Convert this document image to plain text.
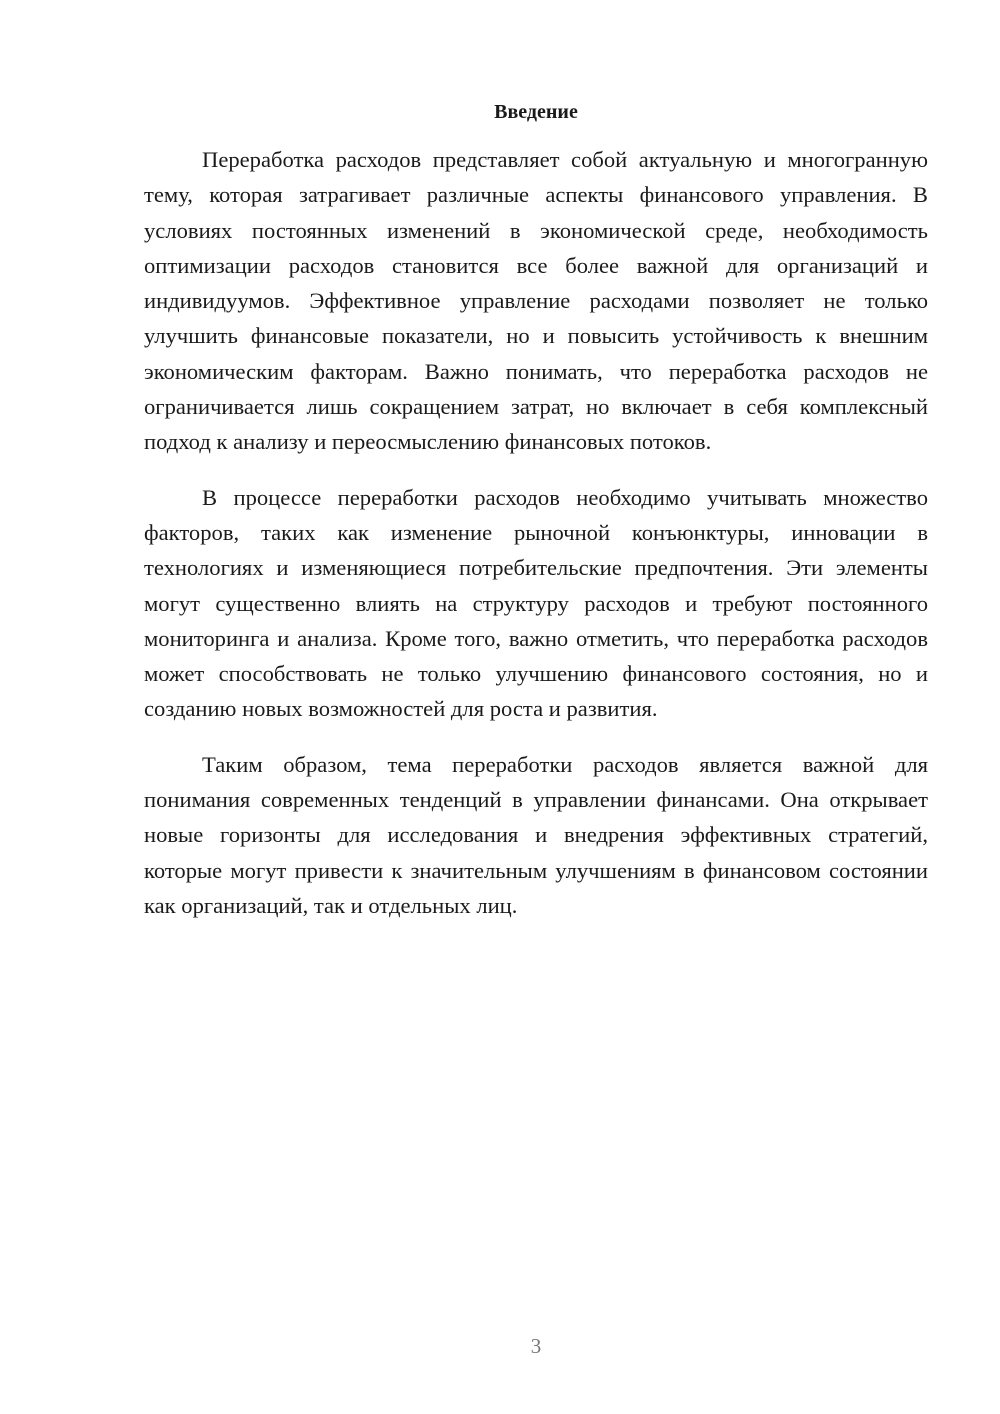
Введение

Переработка расходов представляет собой актуальную и многогранную тему, которая затрагивает различные аспекты финансового управления. В условиях постоянных изменений в экономической среде, необходимость оптимизации расходов становится все более важной для организаций и индивидуумов. Эффективное управление расходами позволяет не только улучшить финансовые показатели, но и повысить устойчивость к внешним экономическим факторам. Важно понимать, что переработка расходов не ограничивается лишь сокращением затрат, но включает в себя комплексный подход к анализу и переосмыслению финансовых потоков.

В процессе переработки расходов необходимо учитывать множество факторов, таких как изменение рыночной конъюнктуры, инновации в технологиях и изменяющиеся потребительские предпочтения. Эти элементы могут существенно влиять на структуру расходов и требуют постоянного мониторинга и анализа. Кроме того, важно отметить, что переработка расходов может способствовать не только улучшению финансового состояния, но и созданию новых возможностей для роста и развития.

Таким образом, тема переработки расходов является важной для понимания современных тенденций в управлении финансами. Она открывает новые горизонты для исследования и внедрения эффективных стратегий, которые могут привести к значительным улучшениям в финансовом состоянии как организаций, так и отдельных лиц.

3
